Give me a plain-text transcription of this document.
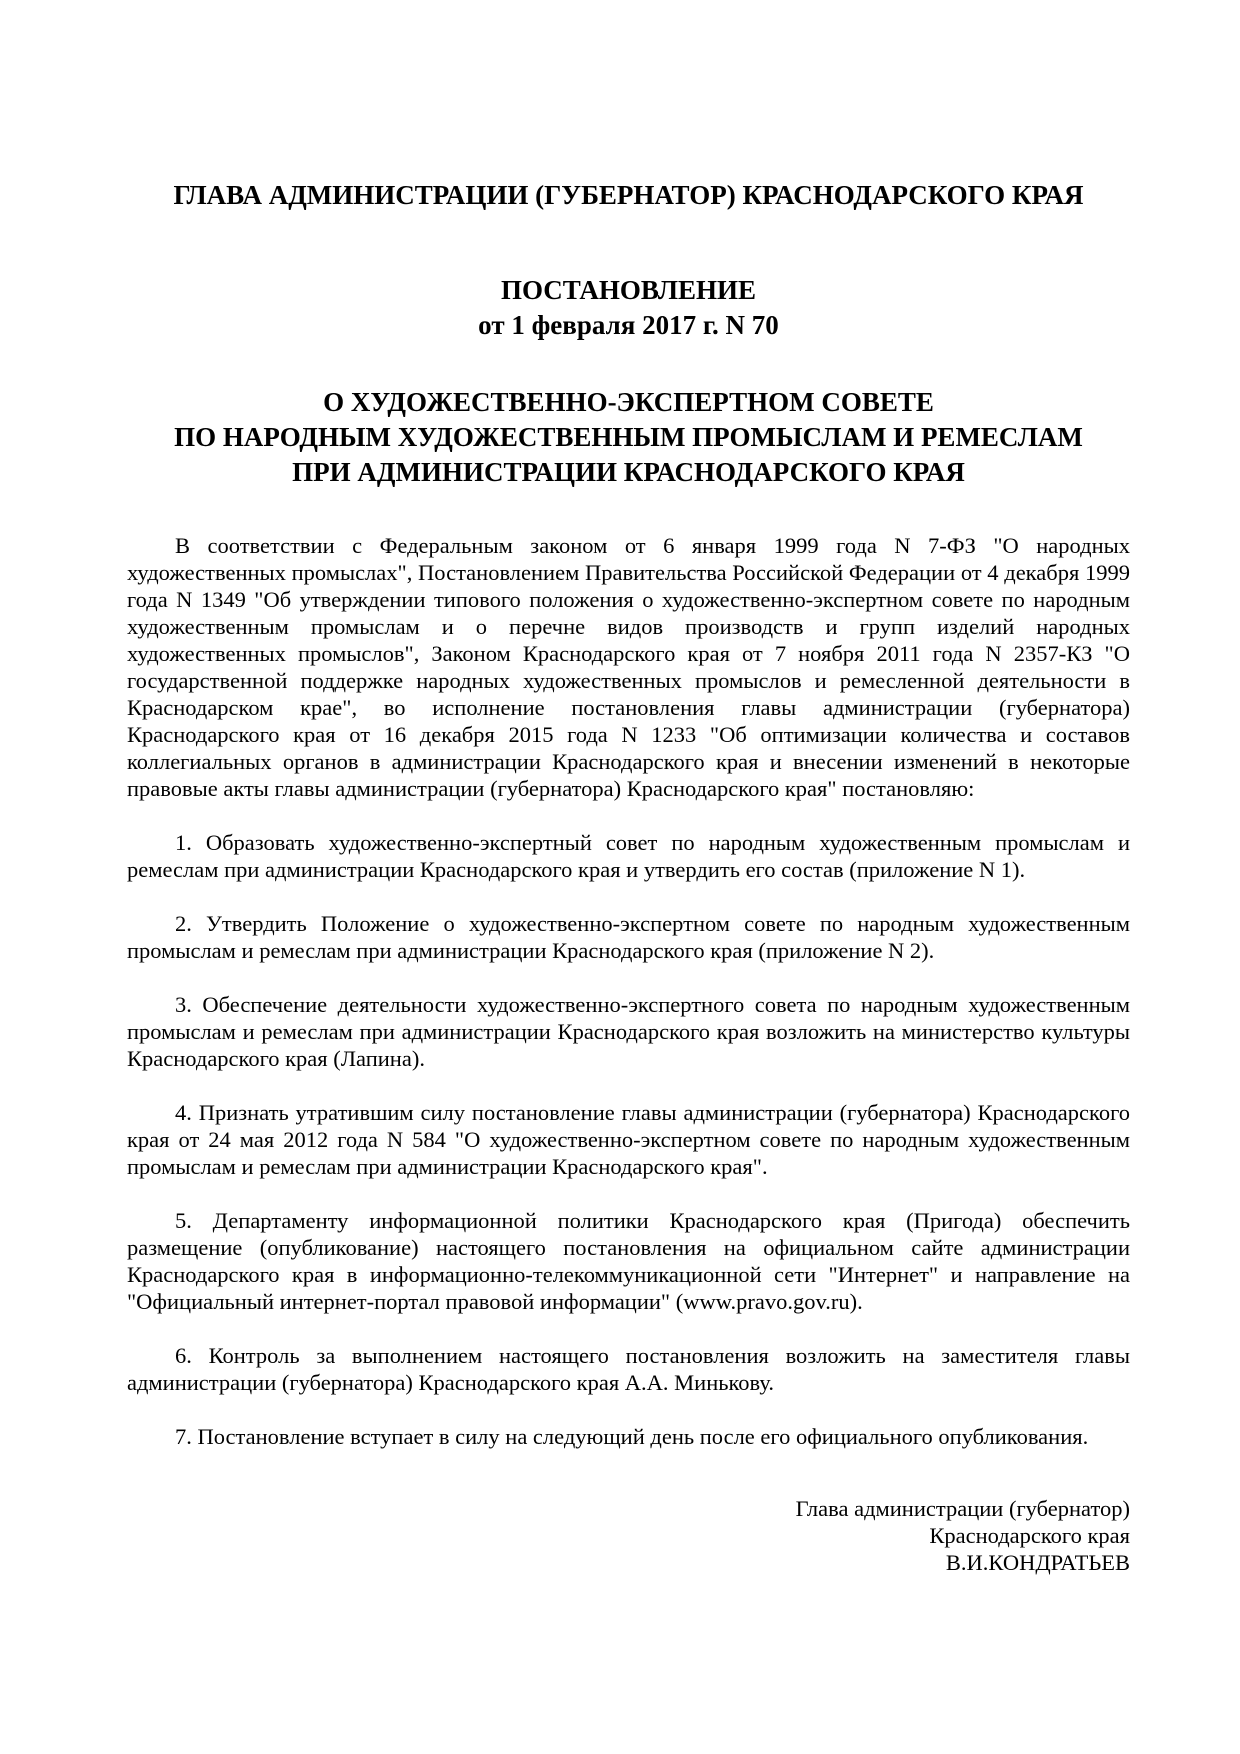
ГЛАВА АДМИНИСТРАЦИИ (ГУБЕРНАТОР) КРАСНОДАРСКОГО КРАЯ
ПОСТАНОВЛЕНИЕ
от 1 февраля 2017 г. N 70
О ХУДОЖЕСТВЕННО-ЭКСПЕРТНОМ СОВЕТЕ
ПО НАРОДНЫМ ХУДОЖЕСТВЕННЫМ ПРОМЫСЛАМ И РЕМЕСЛАМ
ПРИ АДМИНИСТРАЦИИ КРАСНОДАРСКОГО КРАЯ

В соответствии с Федеральным законом от 6 января 1999 года N 7-ФЗ "О народных художественных промыслах", Постановлением Правительства Российской Федерации от 4 декабря 1999 года N 1349 "Об утверждении типового положения о художественно-экспертном совете по народным художественным промыслам и о перечне видов производств и групп изделий народных художественных промыслов", Законом Краснодарского края от 7 ноября 2011 года N 2357-КЗ "О государственной поддержке народных художественных промыслов и ремесленной деятельности в Краснодарском крае", во исполнение постановления главы администрации (губернатора) Краснодарского края от 16 декабря 2015 года N 1233 "Об оптимизации количества и составов коллегиальных органов в администрации Краснодарского края и внесении изменений в некоторые правовые акты главы администрации (губернатора) Краснодарского края" постановляю:

1. Образовать художественно-экспертный совет по народным художественным промыслам и ремеслам при администрации Краснодарского края и утвердить его состав (приложение N 1).

2. Утвердить Положение о художественно-экспертном совете по народным художественным промыслам и ремеслам при администрации Краснодарского края (приложение N 2).

3. Обеспечение деятельности художественно-экспертного совета по народным художественным промыслам и ремеслам при администрации Краснодарского края возложить на министерство культуры Краснодарского края (Лапина).

4. Признать утратившим силу постановление главы администрации (губернатора) Краснодарского края от 24 мая 2012 года N 584 "О художественно-экспертном совете по народным художественным промыслам и ремеслам при администрации Краснодарского края".

5. Департаменту информационной политики Краснодарского края (Пригода) обеспечить размещение (опубликование) настоящего постановления на официальном сайте администрации Краснодарского края в информационно-телекоммуникационной сети "Интернет" и направление на "Официальный интернет-портал правовой информации" (www.pravo.gov.ru).

6. Контроль за выполнением настоящего постановления возложить на заместителя главы администрации (губернатора) Краснодарского края А.А. Минькову.

7. Постановление вступает в силу на следующий день после его официального опубликования.

Глава администрации (губернатор)
Краснодарского края
В.И.КОНДРАТЬЕВ
